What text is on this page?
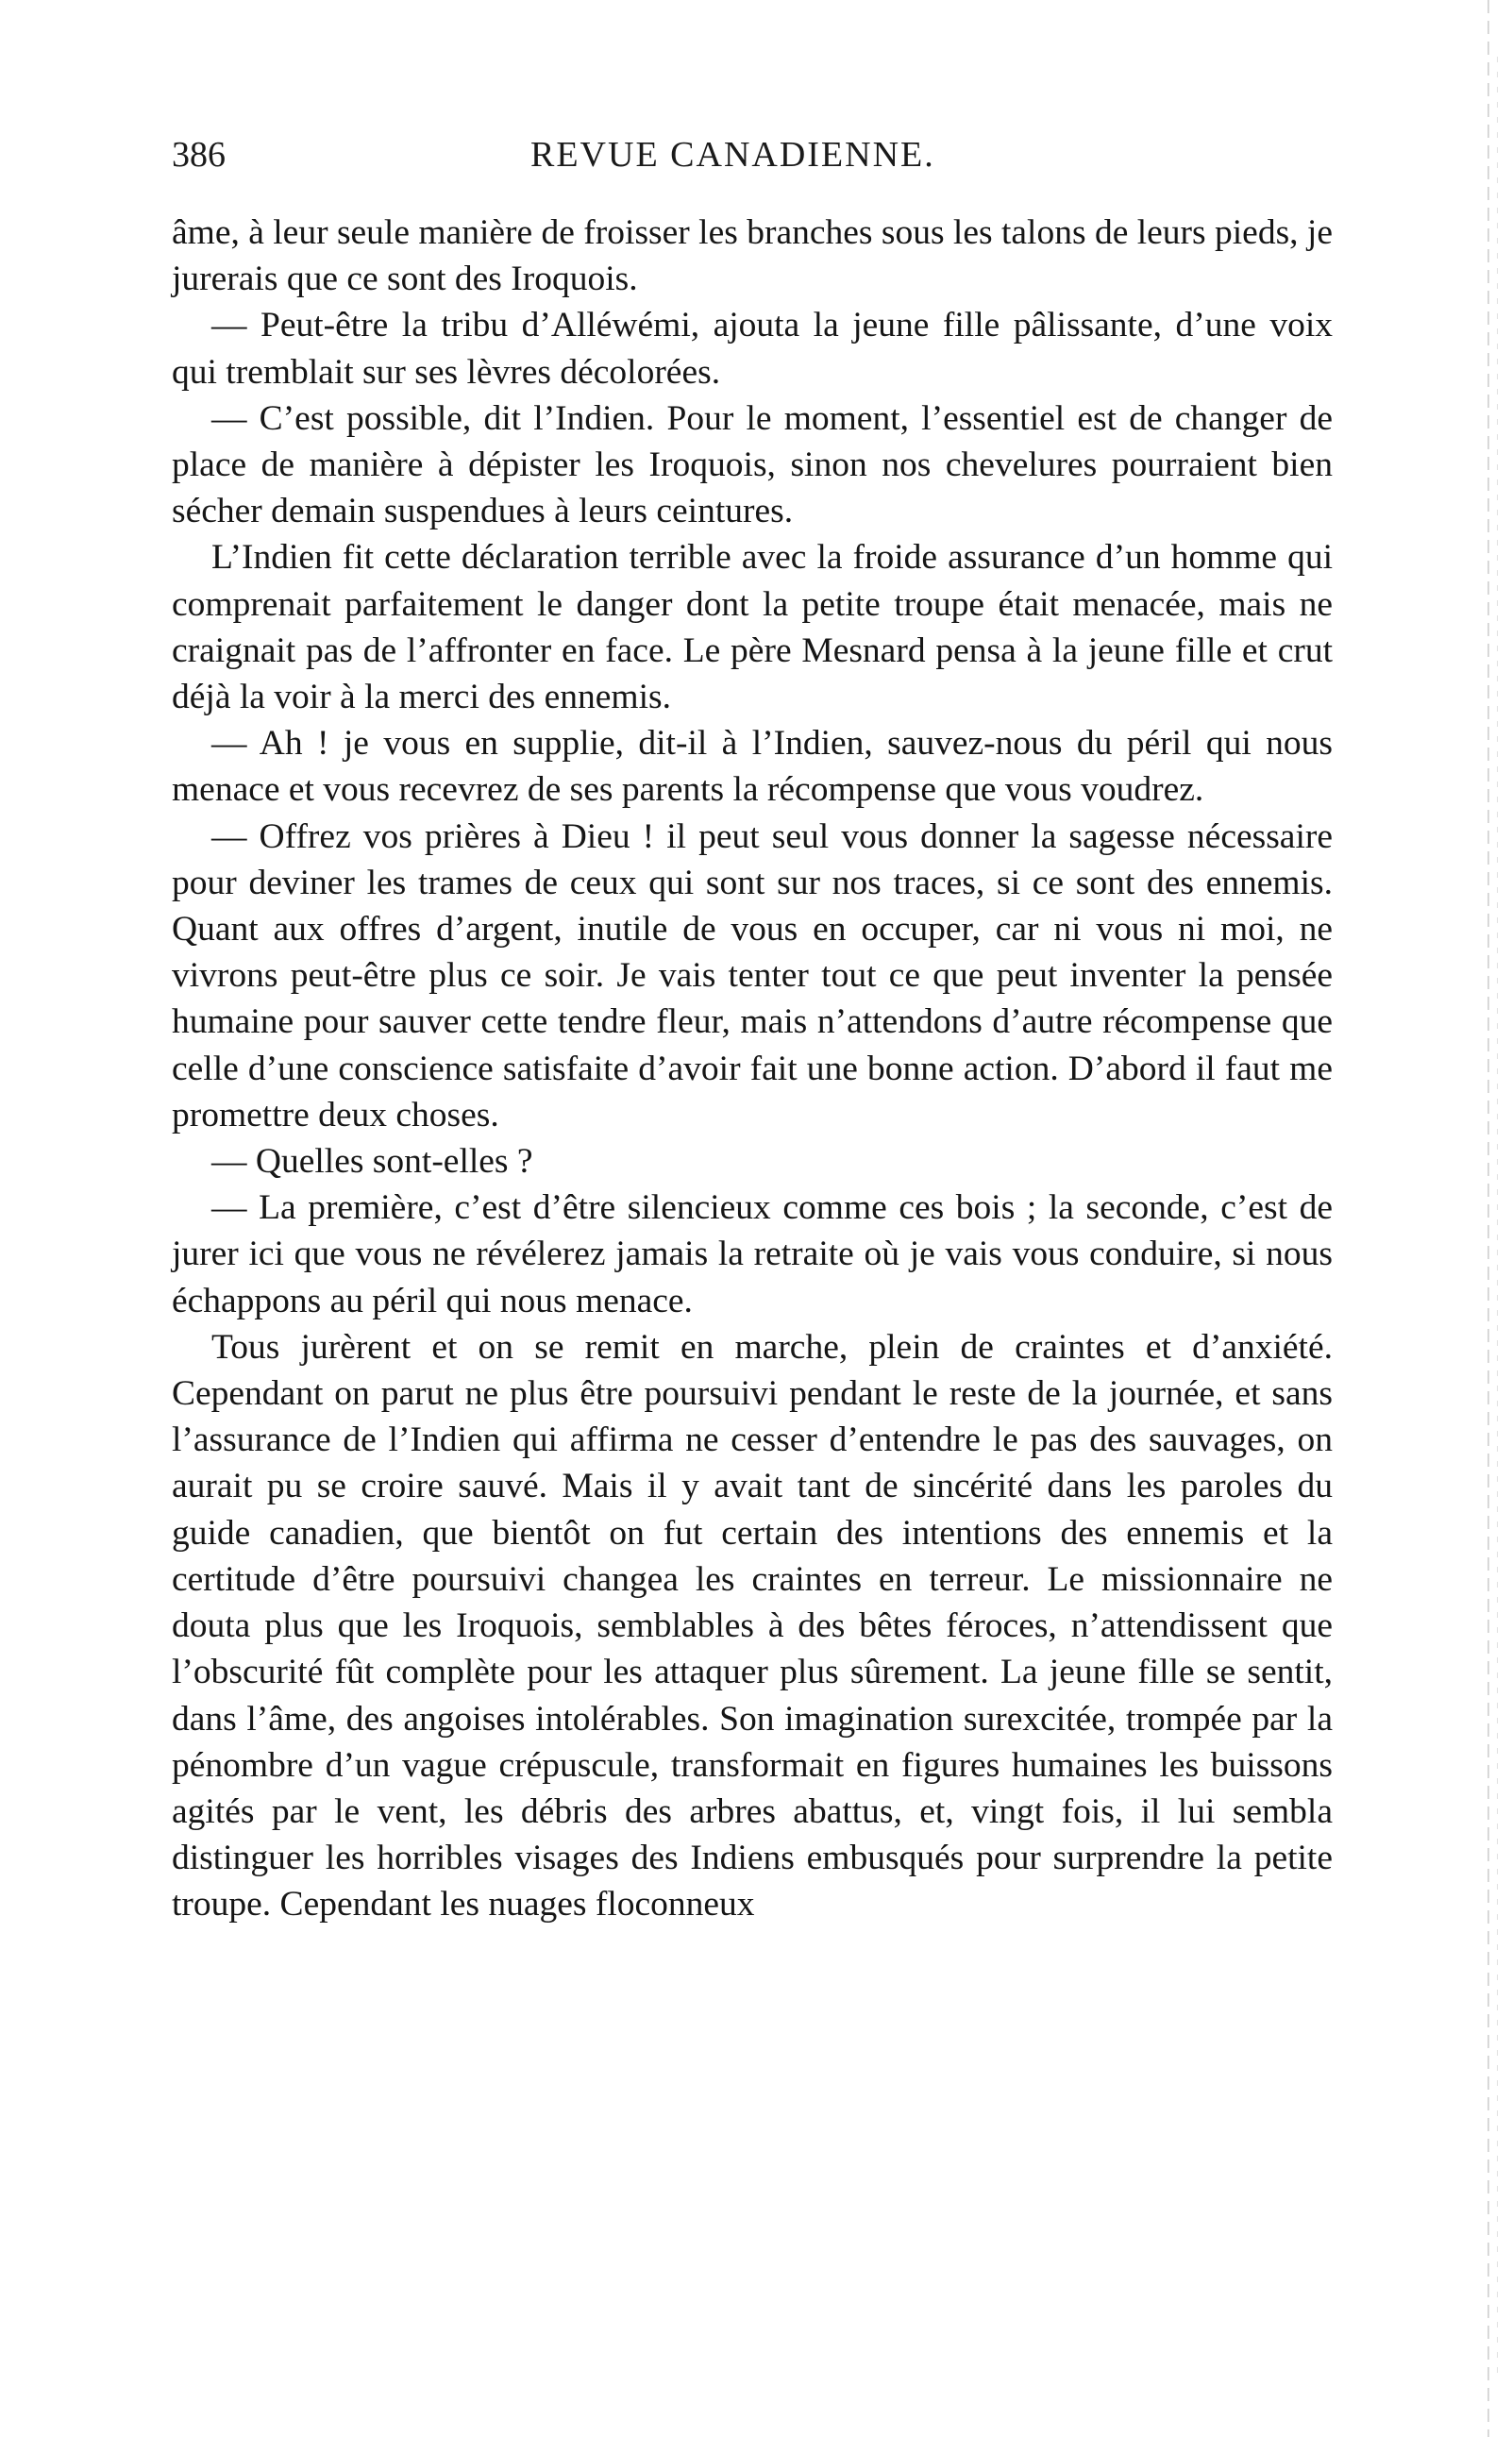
386	REVUE CANADIENNE.

âme, à leur seule manière de froisser les branches sous les talons de leurs pieds, je jurerais que ce sont des Iroquois.

— Peut-être la tribu d’Alléwémi, ajouta la jeune fille pâlissante, d’une voix qui tremblait sur ses lèvres décolorées.

— C’est possible, dit l’Indien. Pour le moment, l’essentiel est de changer de place de manière à dépister les Iroquois, sinon nos chevelures pourraient bien sécher demain suspendues à leurs ceintures.

L’Indien fit cette déclaration terrible avec la froide assurance d’un homme qui comprenait parfaitement le danger dont la petite troupe était menacée, mais ne craignait pas de l’affronter en face. Le père Mesnard pensa à la jeune fille et crut déjà la voir à la merci des ennemis.

— Ah ! je vous en supplie, dit-il à l’Indien, sauvez-nous du péril qui nous menace et vous recevrez de ses parents la récompense que vous voudrez.

— Offrez vos prières à Dieu ! il peut seul vous donner la sagesse nécessaire pour deviner les trames de ceux qui sont sur nos traces, si ce sont des ennemis. Quant aux offres d’argent, inutile de vous en occuper, car ni vous ni moi, ne vivrons peut-être plus ce soir. Je vais tenter tout ce que peut inventer la pensée humaine pour sauver cette tendre fleur, mais n’attendons d’autre récompense que celle d’une conscience satisfaite d’avoir fait une bonne action. D’abord il faut me promettre deux choses.

— Quelles sont-elles ?

— La première, c’est d’être silencieux comme ces bois ; la seconde, c’est de jurer ici que vous ne révélerez jamais la retraite où je vais vous conduire, si nous échappons au péril qui nous menace.

Tous jurèrent et on se remit en marche, plein de craintes et d’anxiété. Cependant on parut ne plus être poursuivi pendant le reste de la journée, et sans l’assurance de l’Indien qui affirma ne cesser d’entendre le pas des sauvages, on aurait pu se croire sauvé. Mais il y avait tant de sincérité dans les paroles du guide canadien, que bientôt on fut certain des intentions des ennemis et la certitude d’être poursuivi changea les craintes en terreur. Le missionnaire ne douta plus que les Iroquois, semblables à des bêtes féroces, n’attendissent que l’obscurité fût complète pour les attaquer plus sûrement. La jeune fille se sentit, dans l’âme, des angoises intolérables. Son imagination surexcitée, trompée par la pénombre d’un vague crépuscule, transformait en figures humaines les buissons agités par le vent, les débris des arbres abattus, et, vingt fois, il lui sembla distinguer les horribles visages des Indiens embusqués pour surprendre la petite troupe. Cependant les nuages floconneux
